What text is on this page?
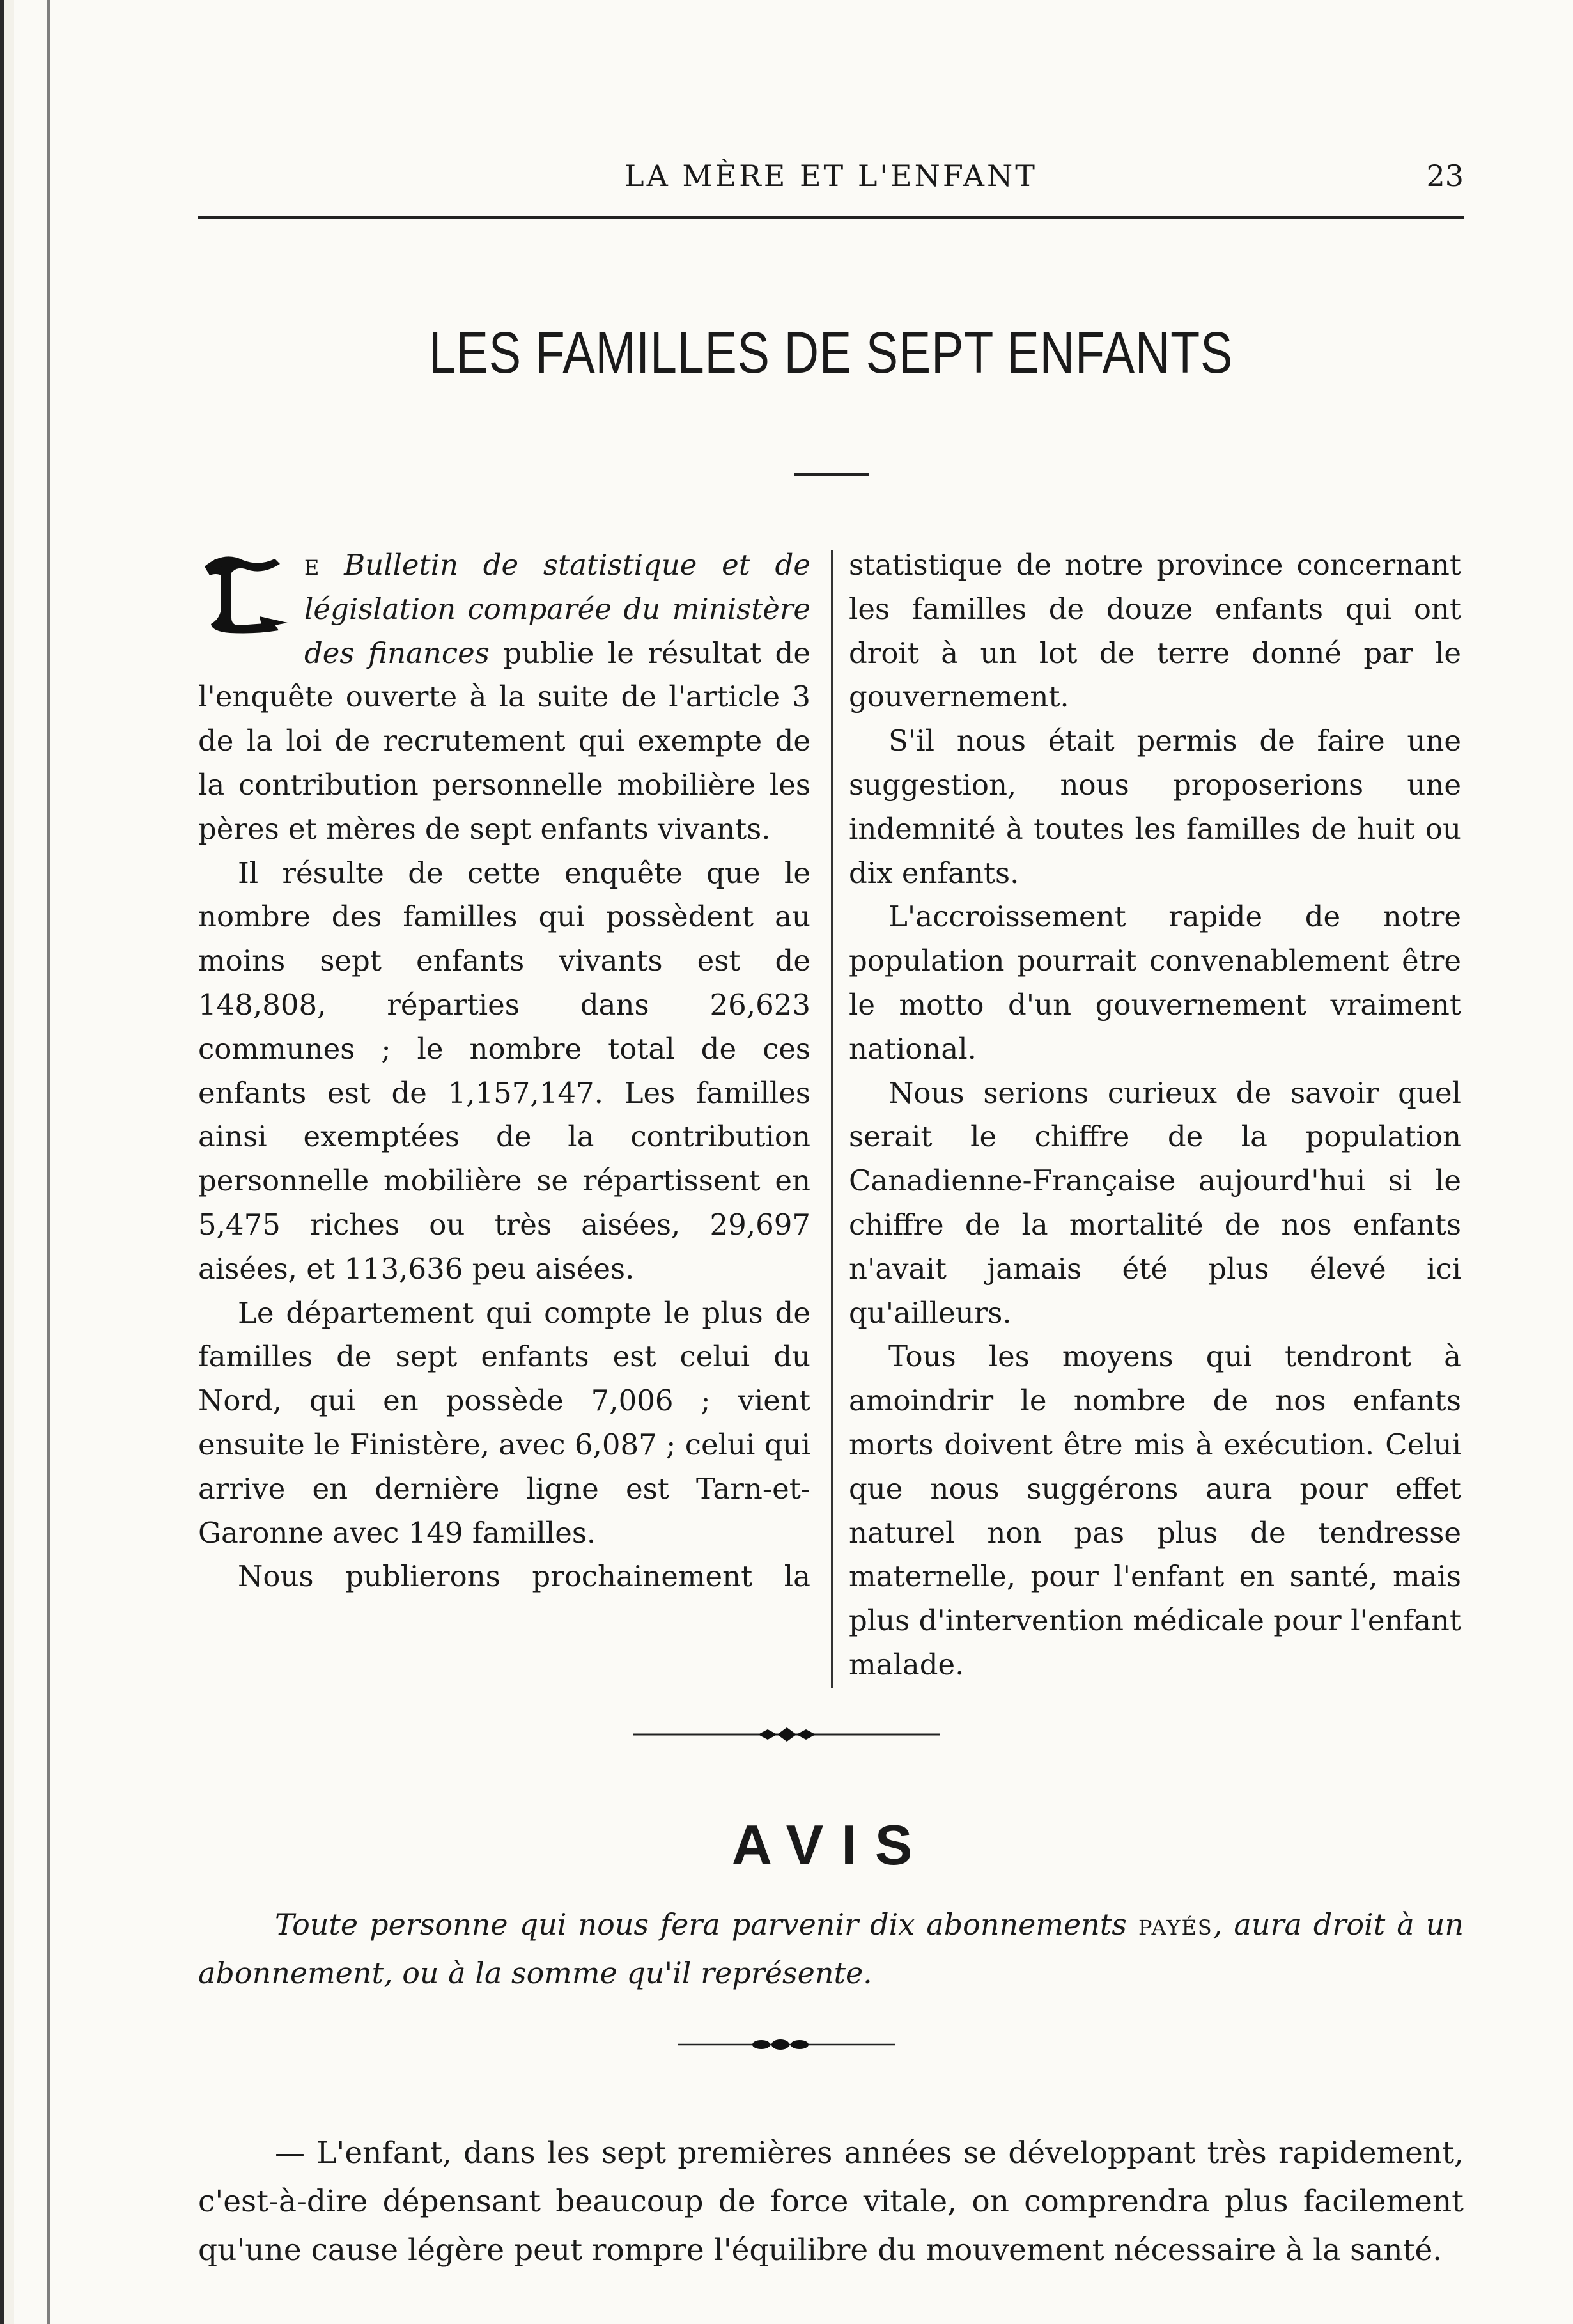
LA MÈRE ET L'ENFANT	23
LES FAMILLES DE SEPT ENFANTS

e Bulletin de statistique et de législation comparée du ministère des finances publie le résultat de l'enquête ouverte à la suite de l'article 3 de la loi de recrutement qui exempte de la contribution personnelle mobilière les pères et mères de sept enfants vivants.

Il résulte de cette enquête que le nombre des familles qui possèdent au moins sept enfants vivants est de 148,808, réparties dans 26,623 communes ; le nombre total de ces enfants est de 1,157,147. Les familles ainsi exemptées de la contribution personnelle mobilière se répartissent en 5,475 riches ou très aisées, 29,697 aisées, et 113,636 peu aisées.

Le département qui compte le plus de familles de sept enfants est celui du Nord, qui en possède 7,006 ; vient ensuite le Finistère, avec 6,087 ; celui qui arrive en dernière ligne est Tarn-et-Garonne avec 149 familles.

Nous publierons prochainement la

statistique de notre province concernant les familles de douze enfants qui ont droit à un lot de terre donné par le gouvernement.

S'il nous était permis de faire une suggestion, nous proposerions une indemnité à toutes les familles de huit ou dix enfants.

L'accroissement rapide de notre population pourrait convenablement être le motto d'un gouvernement vraiment national.

Nous serions curieux de savoir quel serait le chiffre de la population Canadienne-Française aujourd'hui si le chiffre de la mortalité de nos enfants n'avait jamais été plus élevé ici qu'ailleurs.

Tous les moyens qui tendront à amoindrir le nombre de nos enfants morts doivent être mis à exécution. Celui que nous suggérons aura pour effet naturel non pas plus de tendresse maternelle, pour l'enfant en santé, mais plus d'intervention médicale pour l'enfant malade.

AVIS
Toute personne qui nous fera parvenir dix abonnements payés, aura droit à un abonnement, ou à la somme qu'il représente.
— L'enfant, dans les sept premières années se développant très rapidement, c'est-à-dire dépensant beaucoup de force vitale, on comprendra plus facilement qu'une cause légère peut rompre l'équilibre du mouvement nécessaire à la santé.
